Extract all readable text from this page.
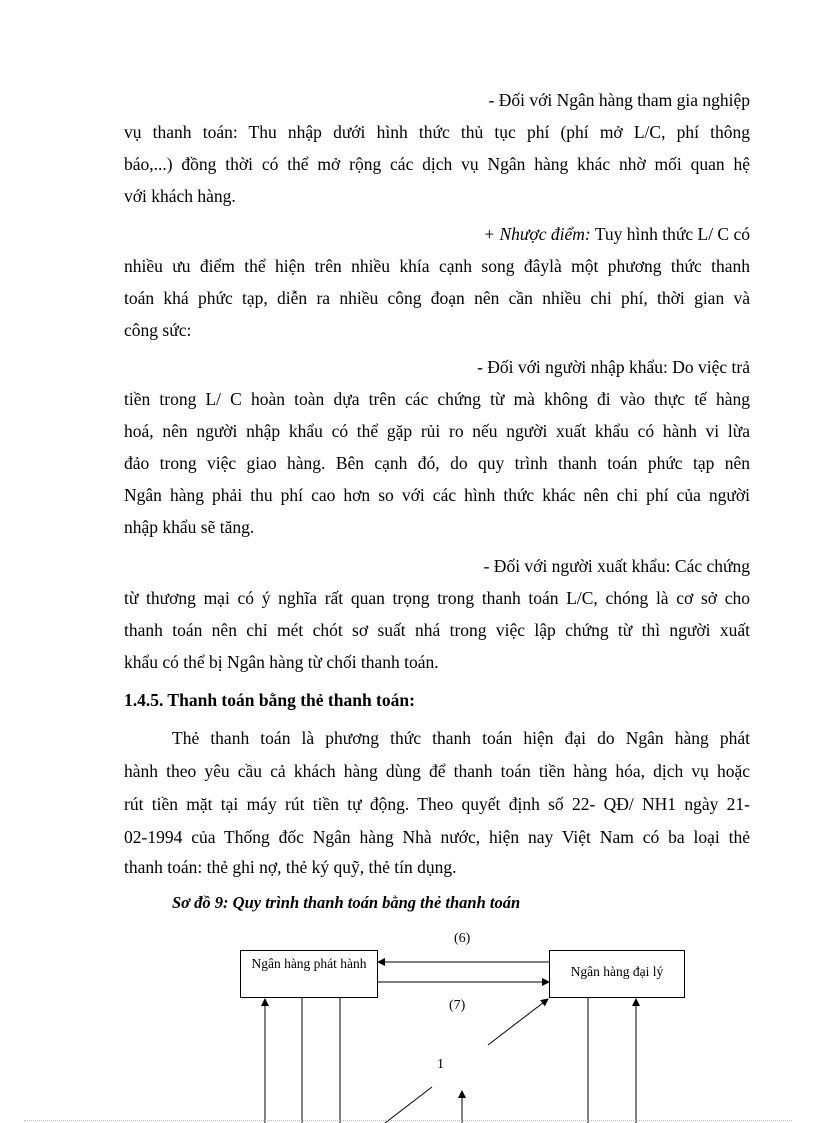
- Đối với Ngân hàng tham gia nghiệp
vụ thanh toán: Thu nhập dưới hình thức thủ tục phí (phí mở L/C, phí thông
báo,...) đồng thời có thể mở rộng các dịch vụ Ngân hàng khác nhờ mối quan hệ
với khách hàng.
+ Nhược điểm: Tuy hình thức L/ C có
nhiều ưu điểm thể hiện trên nhiều khía cạnh song đâylà một phương thức thanh
toán khá phức tạp, diễn ra nhiều công đoạn nên cần nhiều chi phí, thời gian và
công sức:
- Đối với người nhập khẩu: Do việc trả
tiền trong L/ C hoàn toàn dựa trên các chứng từ mà không đi vào thực tế hàng
hoá, nên người nhập khẩu có thể gặp rủi ro nếu người xuất khẩu có hành vi lừa
đảo trong việc giao hàng. Bên cạnh đó, do quy trình thanh toán phức tạp nên
Ngân hàng phải thu phí cao hơn so với các hình thức khác nên chi phí của người
nhập khẩu sẽ tăng.
- Đối với người xuất khẩu: Các chứng
từ thương mại có ý nghĩa rất quan trọng trong thanh toán L/C, chóng là cơ sở cho
thanh toán nên chỉ mét chót sơ suất nhá trong việc lập chứng từ thì người xuất
khẩu có thể bị Ngân hàng từ chối thanh toán.
1.4.5. Thanh toán bằng thẻ thanh toán:
Thẻ thanh toán là phương thức thanh toán hiện đại do Ngân hàng phát
hành theo yêu cầu cả khách hàng dùng để thanh toán tiền hàng hóa, dịch vụ hoặc
rút tiền mặt tại máy rút tiền tự động. Theo quyết định số 22- QĐ/ NH1 ngày 21-
02-1994 của Thống đốc Ngân hàng Nhà nước, hiện nay Việt Nam có ba loại thẻ
thanh toán: thẻ ghi nợ, thẻ ký quỹ, thẻ tín dụng.
Sơ đồ 9: Quy trình thanh toán bằng thẻ thanh toán
Ngân hàng phát hành
Ngân hàng đại lý
(6)
(7)
1
